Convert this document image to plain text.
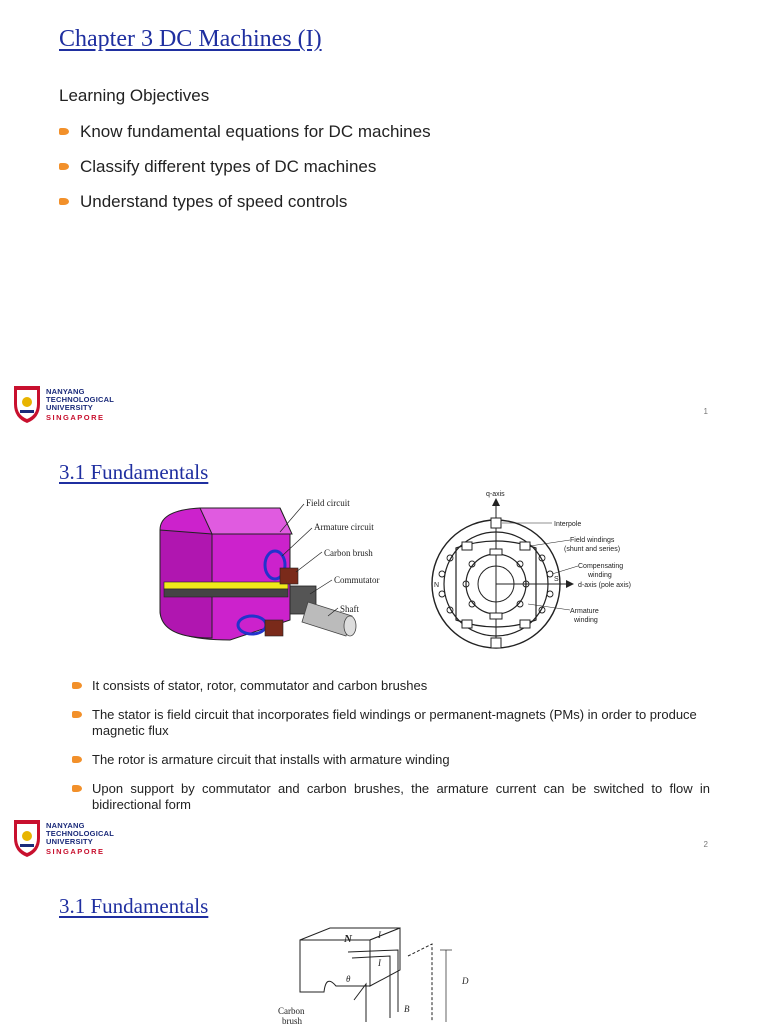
Chapter 3 DC Machines (I)

Learning Objectives

Know fundamental equations for DC machines
Classify different types of DC machines
Understand types of speed controls
NANYANG
TECHNOLOGICAL
UNIVERSITY
SINGAPORE
1
3.1 Fundamentals
Field circuit
Armature circuit
Carbon brush
Commutator
Shaft
q-axis
Interpole
Field windings
(shunt and series)
Compensating
winding
d-axis (pole axis)
Armature
winding
N
S
It consists of stator, rotor, commutator and carbon brushes
The stator is field circuit that incorporates field windings or permanent-magnets (PMs) in order to produce magnetic flux
The rotor is armature circuit that installs with armature winding
Upon support by commutator and carbon brushes, the armature current can be switched to flow in bidirectional form
NANYANG
TECHNOLOGICAL
UNIVERSITY
SINGAPORE
2
3.1 Fundamentals
N	I
I
θ	D
B
Carbon
brush
